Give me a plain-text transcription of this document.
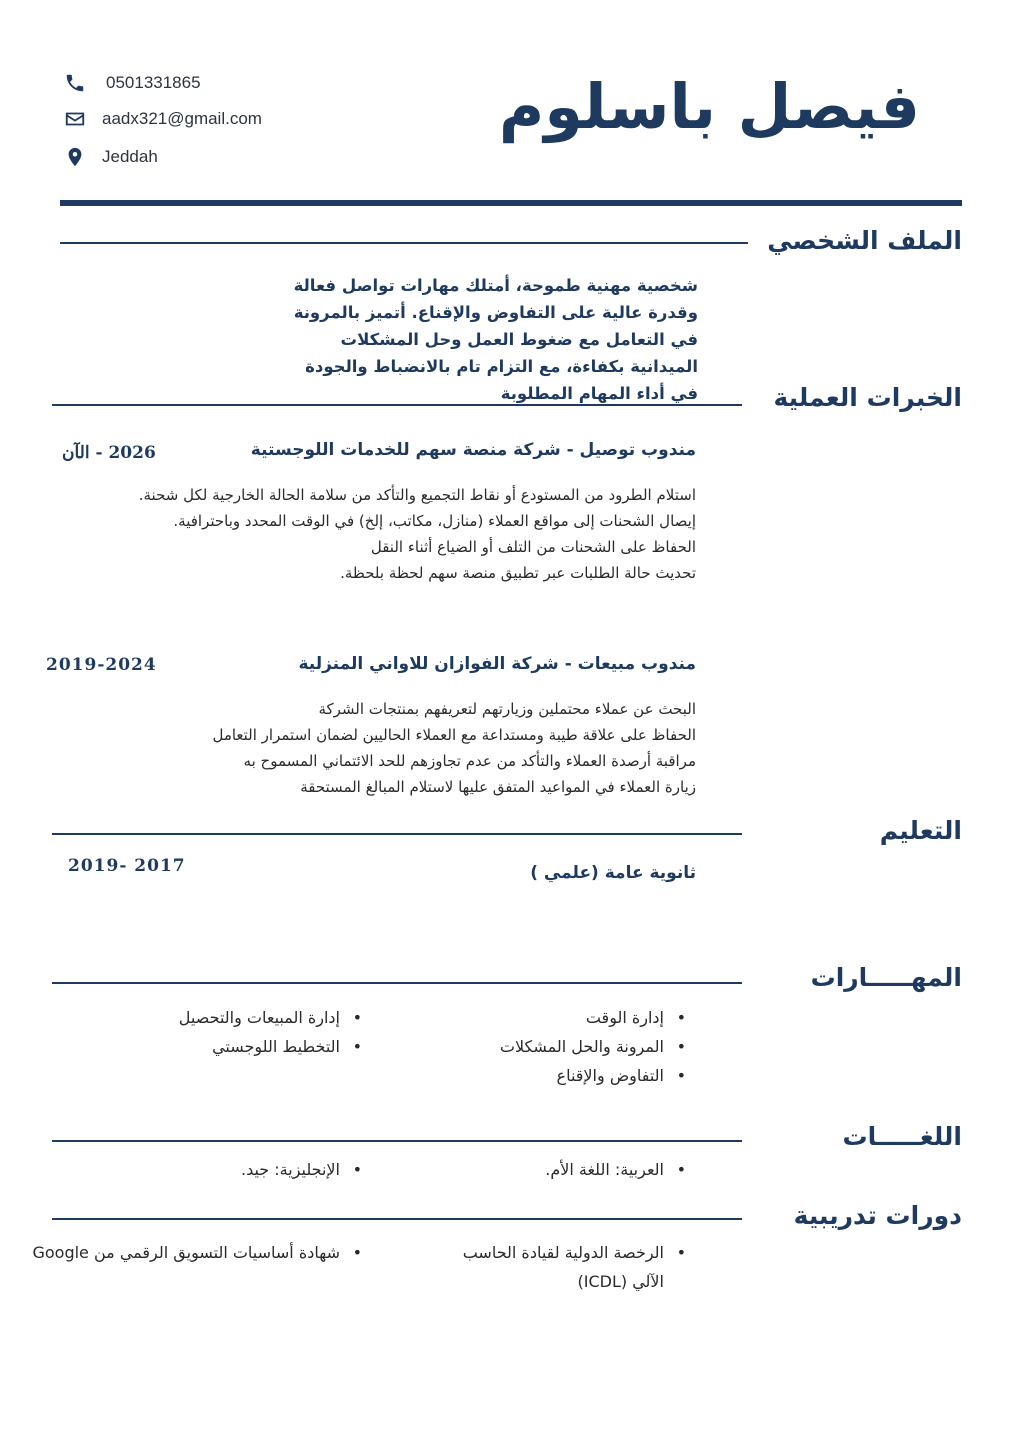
فيصل باسلوم
0501331865
aadx321@gmail.com
Jeddah
الملف الشخصي
شخصية مهنية طموحة، أمتلك مهارات تواصل فعالة وقدرة عالية على التفاوض والإقناع. أتميز بالمرونة في التعامل مع ضغوط العمل وحل المشكلات الميدانية بكفاءة، مع التزام تام بالانضباط والجودة في أداء المهام المطلوبة	الخبرات العملية
مندوب توصيل - شركة منصة سهم للخدمات اللوجستية
2026 - الآن
استلام الطرود من المستودع أو نقاط التجميع والتأكد من سلامة الحالة الخارجية لكل شحنة.
إيصال الشحنات إلى مواقع العملاء (منازل، مكاتب، إلخ) في الوقت المحدد وباحترافية.
الحفاظ على الشحنات من التلف أو الضياع أثناء النقل
تحديث حالة الطلبات عبر تطبيق منصة سهم لحظة بلحظة.
مندوب مبيعات - شركة الفوازان للاواني المنزلية
2019-2024
البحث عن عملاء محتملين وزيارتهم لتعريفهم بمنتجات الشركة
الحفاظ على علاقة طيبة ومستداعة مع العملاء الحاليين لضمان استمرار التعامل
مراقبة أرصدة العملاء والتأكد من عدم تجاوزهم للحد الائتماني المسموح به
زيارة العملاء في المواعيد المتفق عليها لاستلام المبالغ المستحقة
التعليم
ثانوية عامة (علمي )
2019- 2017
المهـــــارات
• إدارة الوقت
• المرونة والحل المشكلات
• التفاوض والإقناع
• إدارة المبيعات والتحصيل
• التخطيط اللوجستي
اللغـــــات
• العربية: اللغة الأم.
• الإنجليزية: جيد.
دورات تدريبية
• الرخصة الدولية لقيادة الحاسب
الآلي (ICDL)
• شهادة أساسيات التسويق الرقمي من Google
